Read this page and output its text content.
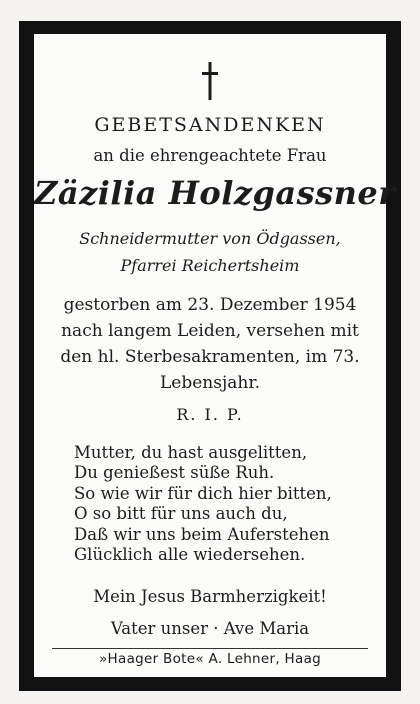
GEBETSANDENKEN
an die ehrengeachtete Frau
Zäzilia Holzgassner
Schneidermutter von Ödgassen,
Pfarrei Reichertsheim
gestorben am 23. Dezember 1954
nach langem Leiden, versehen mit
den hl. Sterbesakramenten, im 73.
Lebensjahr.
R. I. P.
Mutter, du hast ausgelitten,
Du genießest süße Ruh.
So wie wir für dich hier bitten,
O so bitt für uns auch du,
Daß wir uns beim Auferstehen
Glücklich alle wiedersehen.
Mein Jesus Barmherzigkeit!
Vater unser · Ave Maria
»Haager Bote« A. Lehner, Haag
